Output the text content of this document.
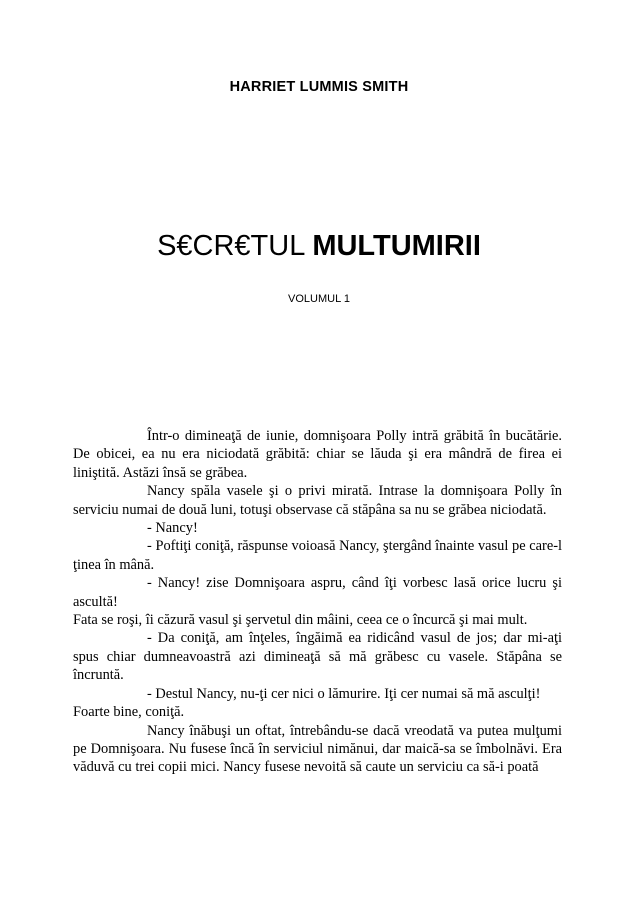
HARRIET LUMMIS SMITH
S€CR€TUL MULTUMIRII
VOLUMUL 1

Într-o dimineaţă de iunie, domnişoara Polly intră grăbită în bucătărie. De obicei, ea nu era niciodată grăbită: chiar se lăuda şi era mândră de firea ei liniştită. Astăzi însă se grăbea.

Nancy spăla vasele şi o privi mirată. Intrase la domnişoara Polly în serviciu numai de două luni, totuşi observase că stăpâna sa nu se grăbea niciodată.

- Nancy!

- Poftiţi coniţă, răspunse voioasă Nancy, ştergând înainte vasul pe care-l ţinea în mână.

- Nancy! zise Domnişoara aspru, când îţi vorbesc lasă orice lucru şi ascultă!

Fata se roşi, îi căzură vasul şi şervetul din mâini, ceea ce o încurcă şi mai mult.

- Da coniţă, am înţeles, îngăimă ea ridicând vasul de jos; dar mi-aţi spus chiar dumneavoastră azi dimineaţă să mă grăbesc cu vasele. Stăpâna se încruntă.

- Destul Nancy, nu-ţi cer nici o lămurire. Iţi cer numai să mă asculţi!

Foarte bine, coniţă.

Nancy înăbuşi un oftat, întrebându-se dacă vreodată va putea mulţumi pe Domnişoara. Nu fusese încă în serviciul nimănui, dar maică-sa se îmbolnăvi. Era văduvă cu trei copii mici. Nancy fusese nevoită să caute un serviciu ca să-i poată
